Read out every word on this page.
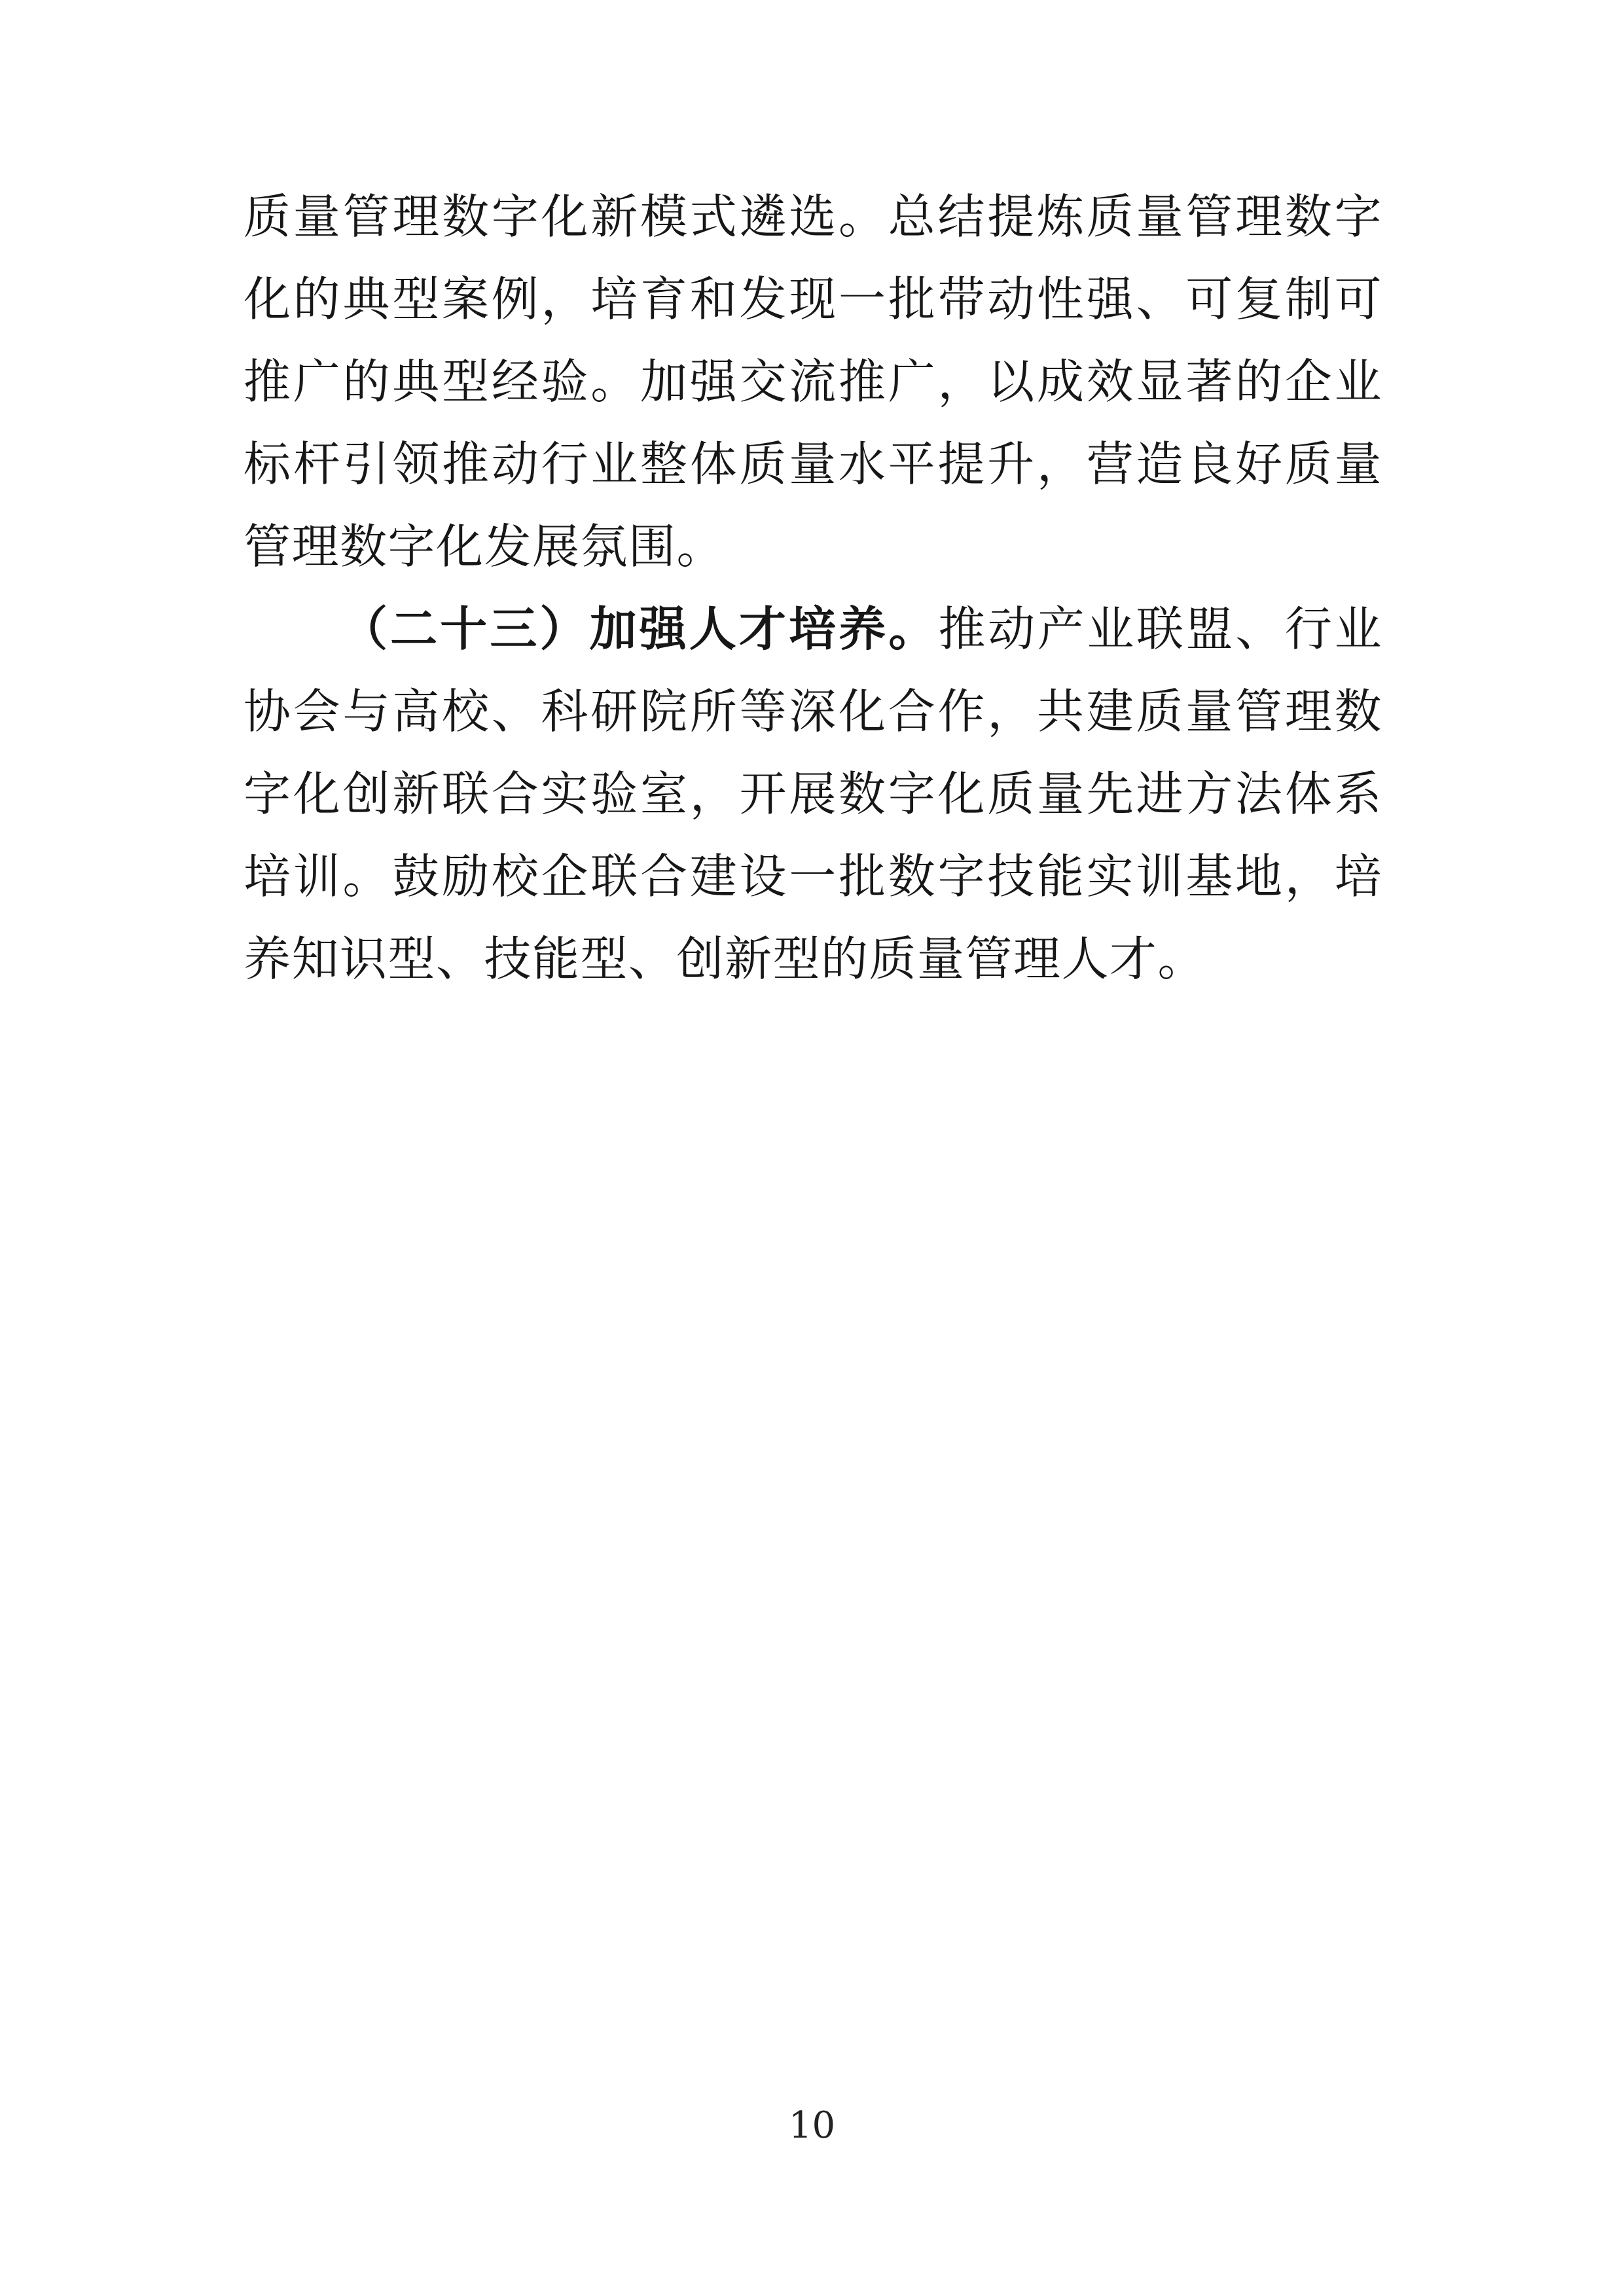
质量管理数字化新模式遴选。总结提炼质量管理数字化的典型案例，培育和发现一批带动性强、可复制可推广的典型经验。加强交流推广，以成效显著的企业标杆引领推动行业整体质量水平提升，营造良好质量管理数字化发展氛围。

（二十三）加强人才培养。推动产业联盟、行业协会与高校、科研院所等深化合作，共建质量管理数字化创新联合实验室，开展数字化质量先进方法体系培训。鼓励校企联合建设一批数字技能实训基地，培养知识型、技能型、创新型的质量管理人才。

10
